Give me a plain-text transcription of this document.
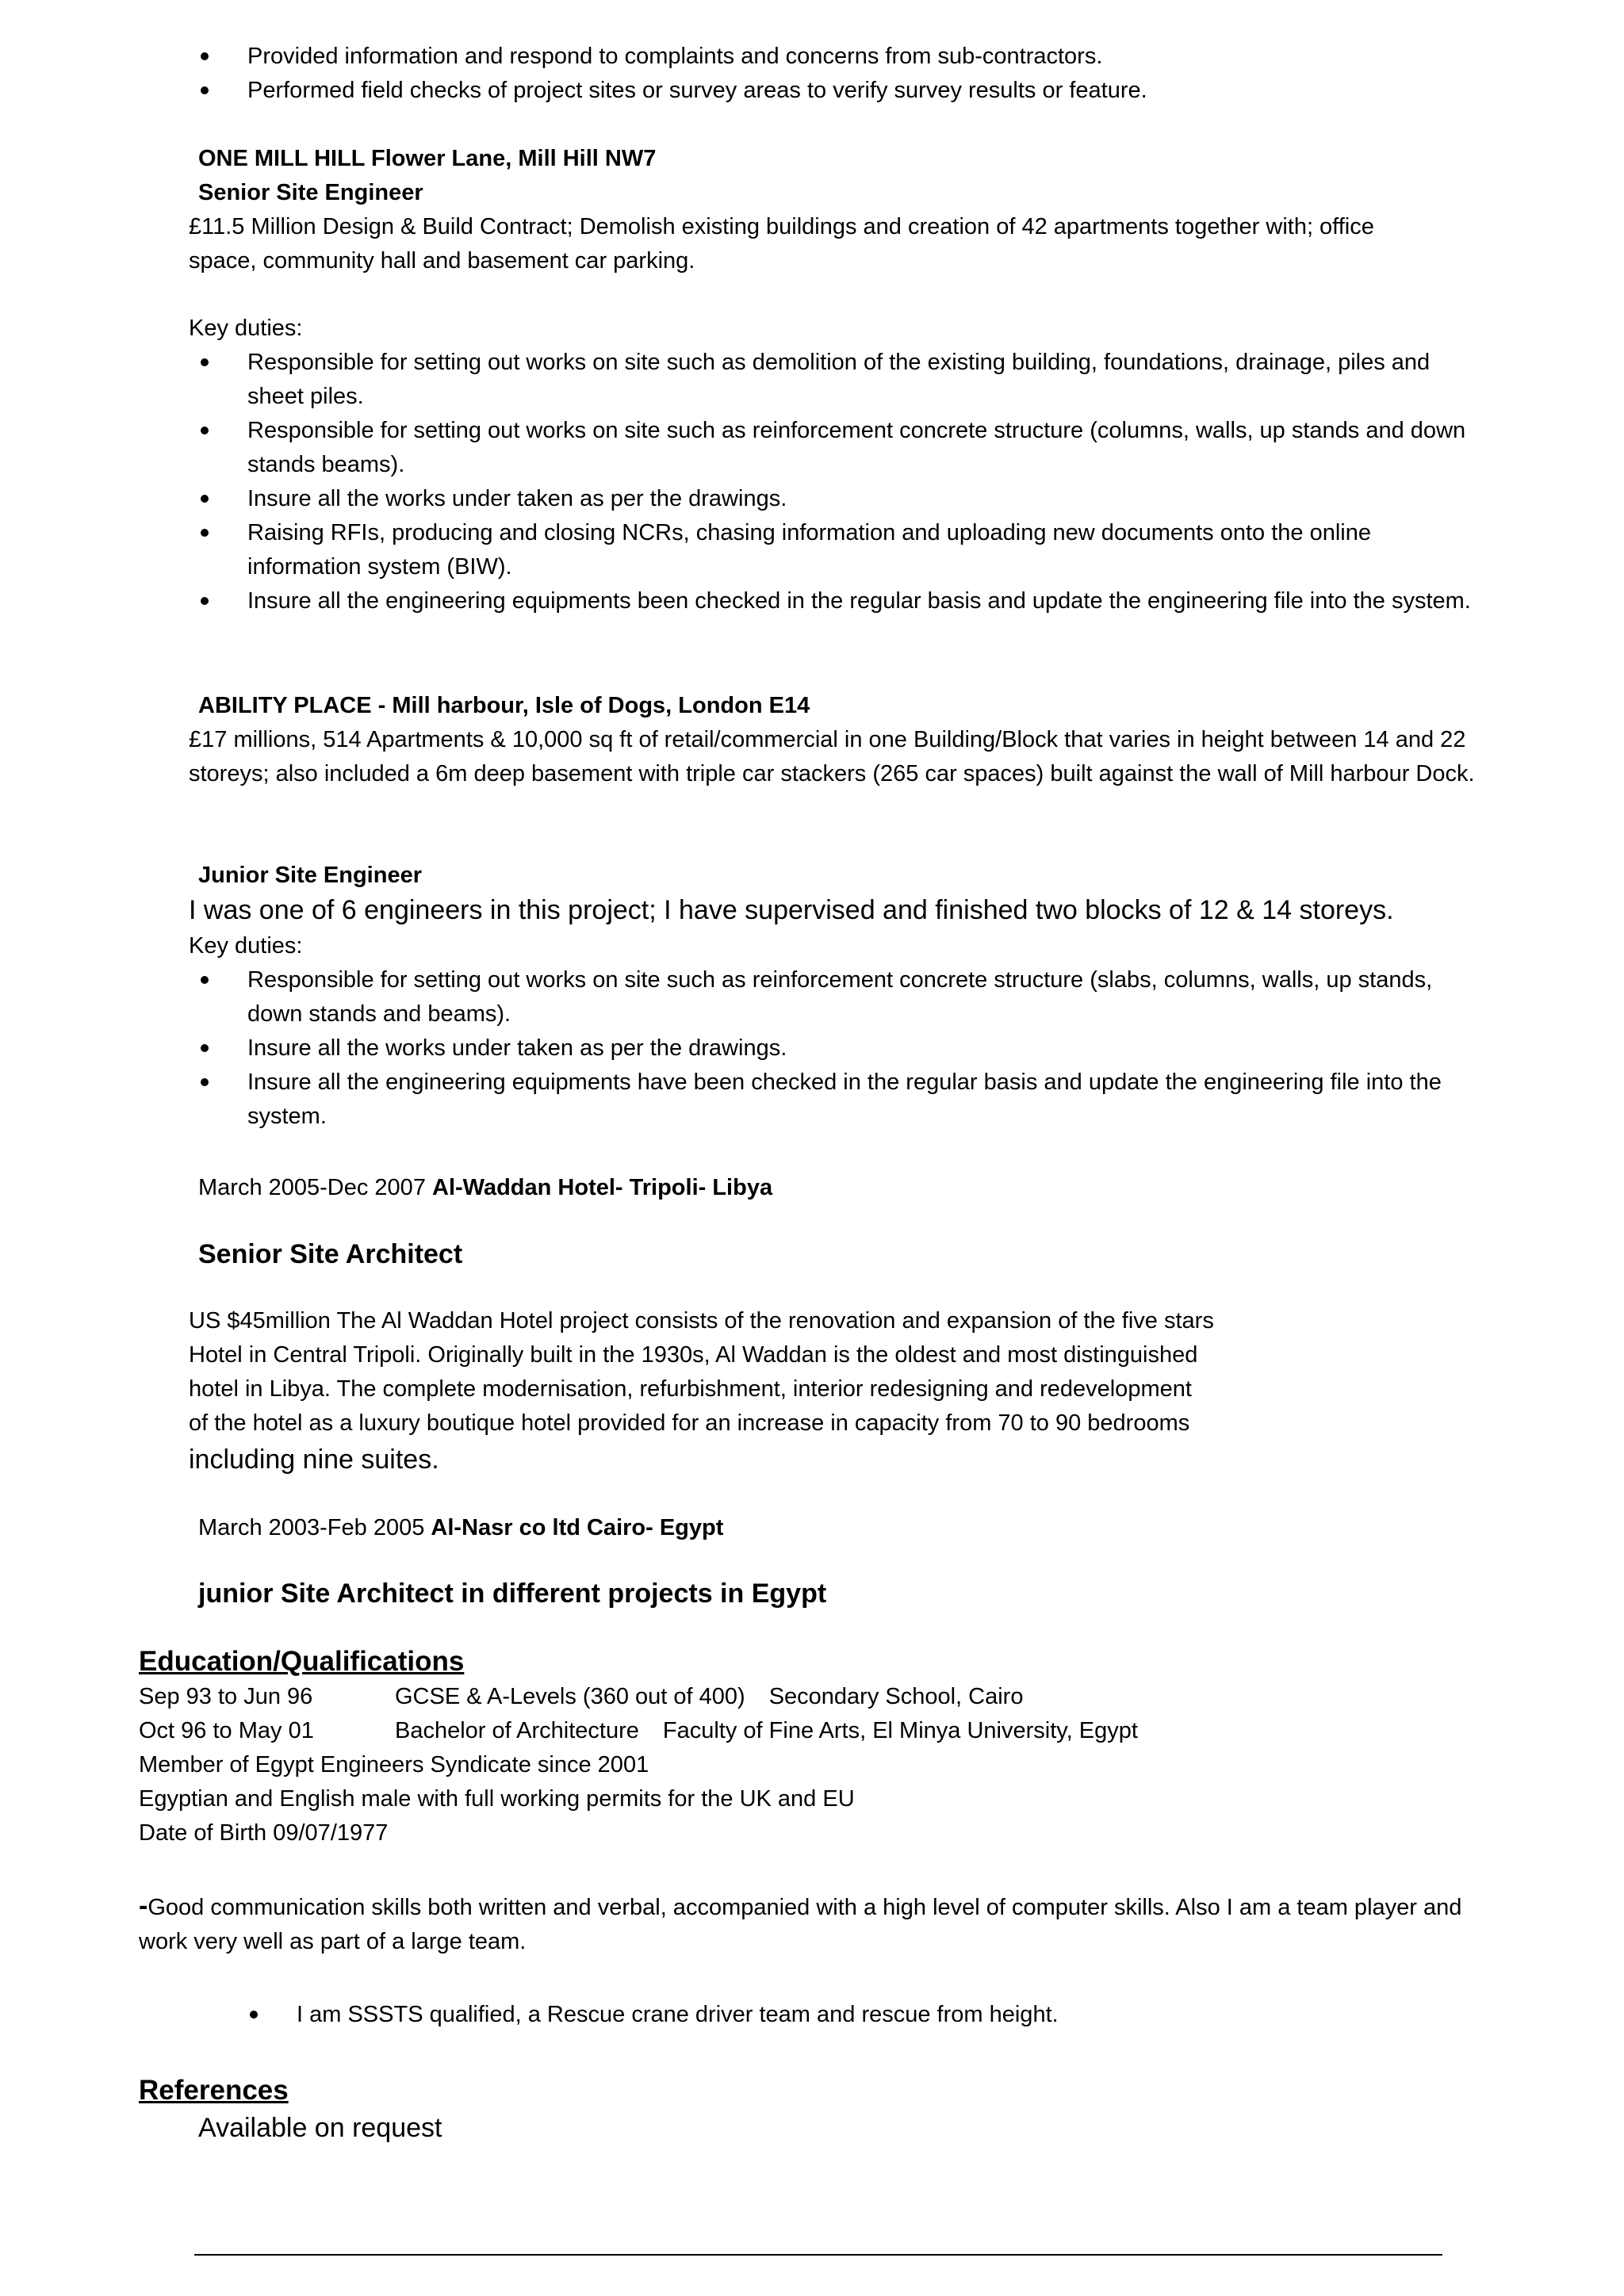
Provided information and respond to complaints and concerns from sub-contractors.
Performed field checks of project sites or survey areas to verify survey results or feature.

ONE MILL HILL Flower Lane, Mill Hill NW7

Senior Site Engineer

£11.5 Million Design & Build Contract; Demolish existing buildings and creation of 42 apartments together with; office space, community hall and basement car parking.

Key duties:

Responsible for setting out works on site such as demolition of the existing building, foundations, drainage, piles and sheet piles.
Responsible for setting out works on site such as reinforcement concrete structure (columns, walls, up stands and down stands beams).
Insure all the works under taken as per the drawings.
Raising RFIs, producing and closing NCRs, chasing information and uploading new documents onto the online information system (BIW).
Insure all the engineering equipments been checked in the regular basis and update the engineering file into the system.

ABILITY PLACE - Mill harbour, Isle of Dogs, London E14

£17 millions, 514 Apartments & 10,000 sq ft of retail/commercial in one Building/Block that varies in height between 14 and 22 storeys; also included a 6m deep basement with triple car stackers (265 car spaces) built against the wall of Mill harbour Dock.

Junior Site Engineer

I was one of 6 engineers in this project; I have supervised and finished two blocks of 12 & 14 storeys.

Key duties:

Responsible for setting out works on site such as reinforcement concrete structure (slabs, columns, walls, up stands, down stands and beams).
Insure all the works under taken as per the drawings.
Insure all the engineering equipments have been checked in the regular basis and update the engineering file into the system.

March 2005-Dec 2007 Al-Waddan Hotel- Tripoli- Libya

Senior Site Architect

US $45million The Al Waddan Hotel project consists of the renovation and expansion of the five stars

Hotel in Central Tripoli. Originally built in the 1930s, Al Waddan is the oldest and most distinguished

hotel in Libya. The complete modernisation, refurbishment, interior redesigning and redevelopment

of the hotel as a luxury boutique hotel provided for an increase in capacity from 70 to 90 bedrooms

including nine suites.

March 2003-Feb 2005 Al-Nasr co ltd Cairo- Egypt

junior Site Architect in different projects in Egypt

Education/Qualifications

Sep 93 to Jun 96	GCSE & A-Levels (360 out of 400) Secondary School, Cairo

Oct 96 to May 01	Bachelor of Architecture Faculty of Fine Arts, El Minya University, Egypt

Member of Egypt Engineers Syndicate since 2001

Egyptian and English male with full working permits for the UK and EU

Date of Birth 09/07/1977

-Good communication skills both written and verbal, accompanied with a high level of computer skills. Also I am a team player and work very well as part of a large team.

I am SSSTS qualified, a Rescue crane driver team and rescue from height.

References

Available on request
